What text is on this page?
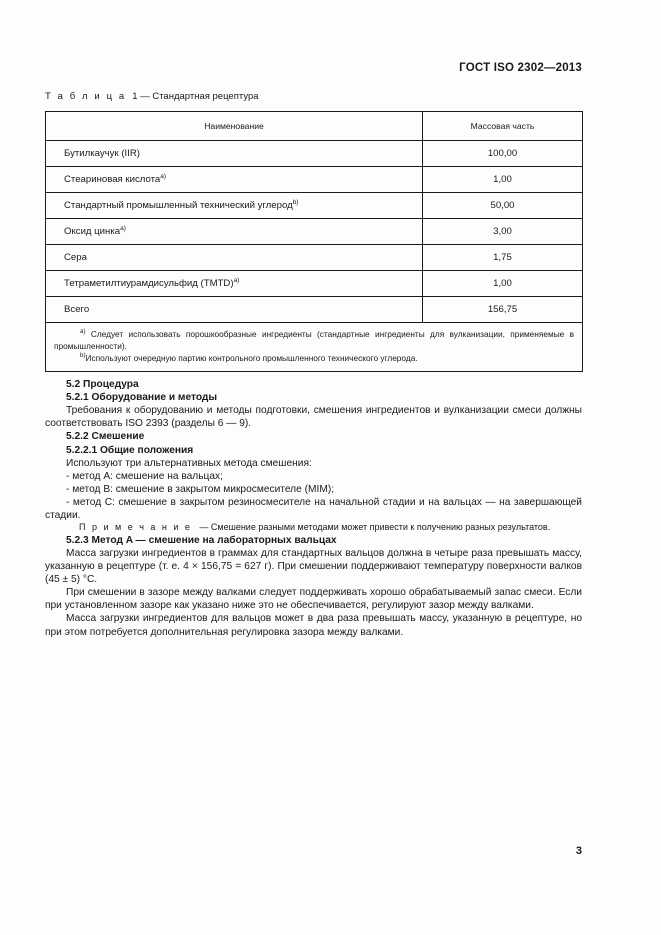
ГОСТ ISO 2302—2013
Т а б л и ц а 1 — Стандартная рецептура
Наименование	Массовая часть
Бутилкаучук (IIR)	100,00
Стеариновая кислота$^{a)}$	1,00
Стандартный промышленный технический углерод$^{b)}$	50,00
Оксид цинка$^{a)}$	3,00
Сера	1,75
Тетраметилтиурамдисульфид (TMTD)$^{a)}$	1,00
Всего	156,75

$^{a)}$ Следует использовать порошкообразные ингредиенты (стандартные ингредиенты для вулканизации, применяемые в промышленности).

$^{b)}$Используют очередную партию контрольного промышленного технического углерода.	

5.2 Процедура

5.2.1 Оборудование и методы

Требования к оборудованию и методы подготовки, смешения ингредиентов и вулканизации смеси должны соответствовать ISO 2393 (разделы 6 — 9).

5.2.2 Смешение

5.2.2.1 Общие положения

Используют три альтернативных метода смешения:

- метод A: смешение на вальцах;

- метод B: смешение в закрытом микросмесителе (MIM);

- метод C: смешение в закрытом резиносмесителе на начальной стадии и на вальцах — на завершающей стадии.

П р и м е ч а н и е — Смешение разными методами может привести к получению разных результатов.

5.2.3 Метод A — смешение на лабораторных вальцах

Масса загрузки ингредиентов в граммах для стандартных вальцов должна в четыре раза превышать массу, указанную в рецептуре (т. е. 4 × 156,75 = 627 г). При смешении поддерживают температуру поверхности валков (45 ± 5) °С.

При смешении в зазоре между валками следует поддерживать хорошо обрабатываемый запас смеси. Если при установленном зазоре как указано ниже это не обеспечивается, регулируют зазор между валками.

Масса загрузки ингредиентов для вальцов может в два раза превышать массу, указанную в рецептуре, но при этом потребуется дополнительная регулировка зазора между валками.

3
